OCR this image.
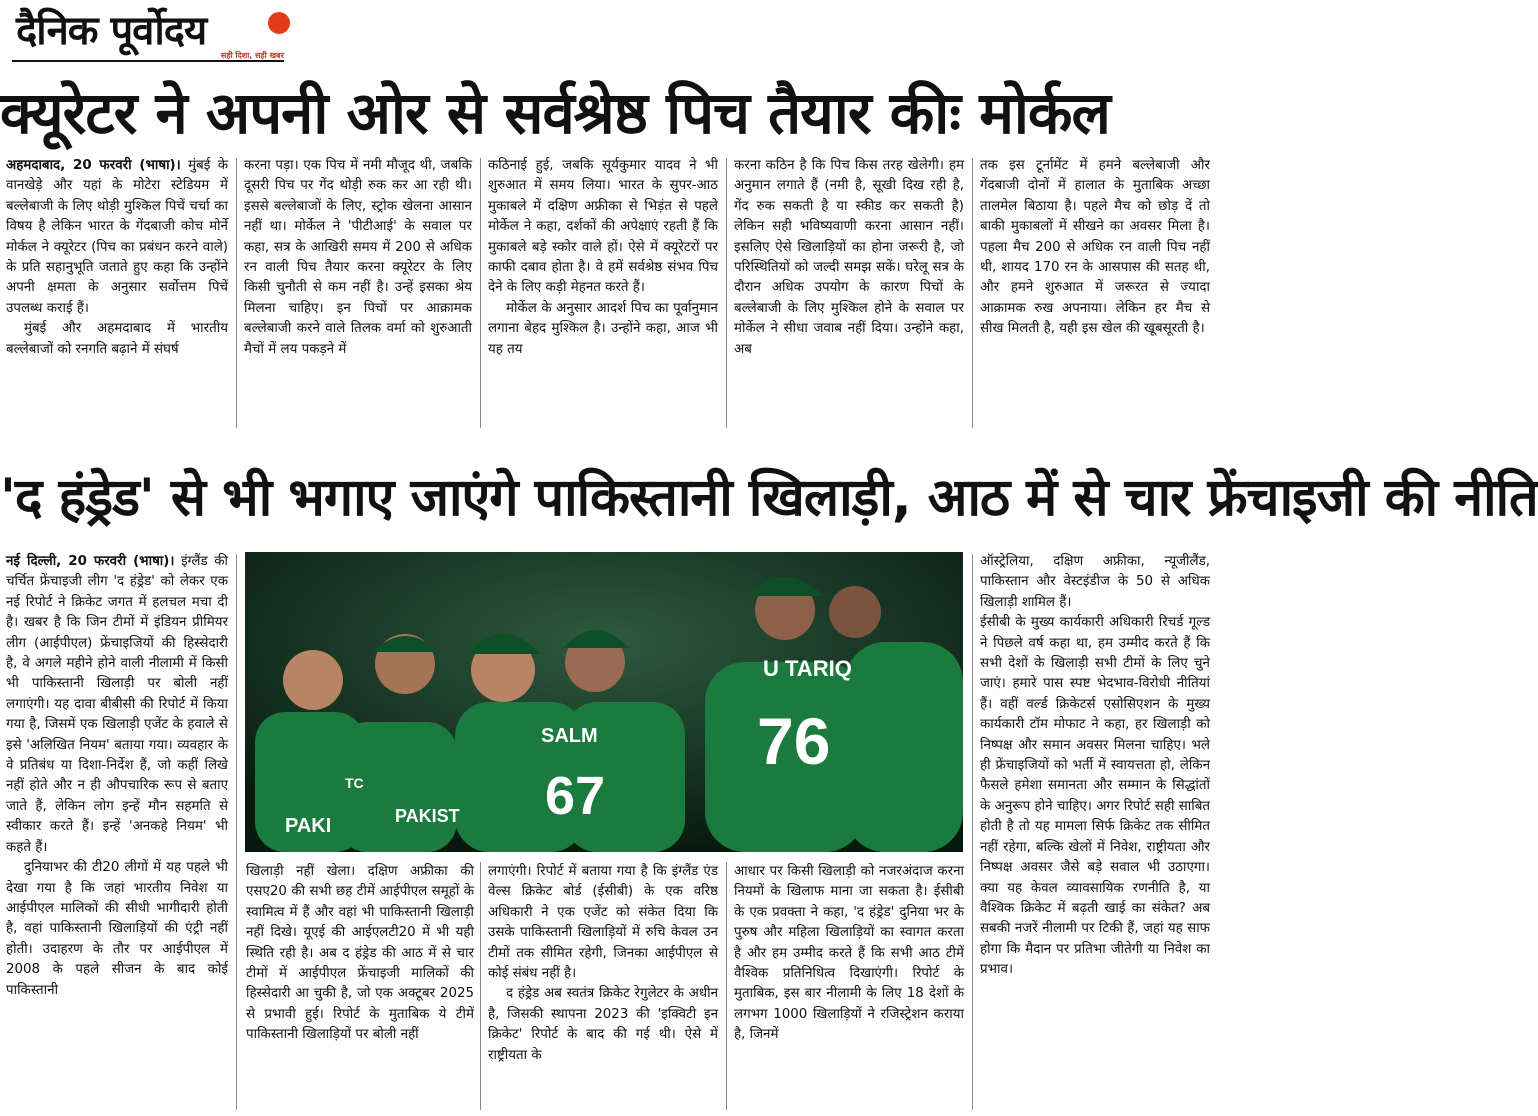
दैनिक पूर्वोदय
सही दिशा, सही खबर
क्यूरेटर ने अपनी ओर से सर्वश्रेष्ठ पिच तैयार कीः मोर्कल

अहमदाबाद, 20 फरवरी (भाषा)। मुंबई के वानखेड़े और यहां के मोटेरा स्टेडियम में बल्लेबाजी के लिए थोड़ी मुश्किल पिचें चर्चा का विषय है लेकिन भारत के गेंदबाजी कोच मोर्ने मोर्कल ने क्यूरेटर (पिच का प्रबंधन करने वाले) के प्रति सहानुभूति जताते हुए कहा कि उन्होंने अपनी क्षमता के अनुसार सर्वोत्तम पिचें उपलब्ध कराई हैं।

मुंबई और अहमदाबाद में भारतीय बल्लेबाजों को रनगति बढ़ाने में संघर्ष

करना पड़ा। एक पिच में नमी मौजूद थी, जबकि दूसरी पिच पर गेंद थोड़ी रुक कर आ रही थी। इससे बल्लेबाजों के लिए, स्ट्रोक खेलना आसान नहीं था। मोर्केल ने 'पीटीआई' के सवाल पर कहा, सत्र के आखिरी समय में 200 से अधिक रन वाली पिच तैयार करना क्यूरेटर के लिए किसी चुनौती से कम नहीं है। उन्हें इसका श्रेय मिलना चाहिए। इन पिचों पर आक्रामक बल्लेबाजी करने वाले तिलक वर्मा को शुरुआती मैचों में लय पकड़ने में

कठिनाई हुई, जबकि सूर्यकुमार यादव ने भी शुरुआत में समय लिया। भारत के सुपर-आठ मुकाबले में दक्षिण अफ्रीका से भिड़ंत से पहले मोर्केल ने कहा, दर्शकों की अपेक्षाएं रहती हैं कि मुकाबले बड़े स्कोर वाले हों। ऐसे में क्यूरेटरों पर काफी दबाव होता है। वे हमें सर्वश्रेष्ठ संभव पिच देने के लिए कड़ी मेहनत करते हैं।

मोर्केल के अनुसार आदर्श पिच का पूर्वानुमान लगाना बेहद मुश्किल है। उन्होंने कहा, आज भी यह तय

करना कठिन है कि पिच किस तरह खेलेगी। हम अनुमान लगाते हैं (नमी है, सूखी दिख रही है, गेंद रुक सकती है या स्कीड कर सकती है) लेकिन सही भविष्यवाणी करना आसान नहीं। इसलिए ऐसे खिलाड़ियों का होना जरूरी है, जो परिस्थितियों को जल्दी समझ सकें। घरेलू सत्र के दौरान अधिक उपयोग के कारण पिचों के बल्लेबाजी के लिए मुश्किल होने के सवाल पर मोर्केल ने सीधा जवाब नहीं दिया। उन्होंने कहा, अब

तक इस टूर्नामेंट में हमने बल्लेबाजी और गेंदबाजी दोनों में हालात के मुताबिक अच्छा तालमेल बिठाया है। पहले मैच को छोड़ दें तो बाकी मुकाबलों में सीखने का अवसर मिला है। पहला मैच 200 से अधिक रन वाली पिच नहीं थी, शायद 170 रन के आसपास की सतह थी, और हमने शुरुआत में जरूरत से ज्यादा आक्रामक रुख अपनाया। लेकिन हर मैच से सीख मिलती है, यही इस खेल की खूबसूरती है।

'द हंड्रेड' से भी भगाए जाएंगे पाकिस्तानी खिलाड़ी, आठ में से चार फ्रेंचाइजी की नीति

नई दिल्ली, 20 फरवरी (भाषा)। इंग्लैंड की चर्चित फ्रेंचाइजी लीग 'द हंड्रेड' को लेकर एक नई रिपोर्ट ने क्रिकेट जगत में हलचल मचा दी है। खबर है कि जिन टीमों में इंडियन प्रीमियर लीग (आईपीएल) फ्रेंचाइजियों की हिस्सेदारी है, वे अगले महीने होने वाली नीलामी में किसी भी पाकिस्तानी खिलाड़ी पर बोली नहीं लगाएंगी। यह दावा बीबीसी की रिपोर्ट में किया गया है, जिसमें एक खिलाड़ी एजेंट के हवाले से इसे 'अलिखित नियम' बताया गया। व्यवहार के वे प्रतिबंध या दिशा-निर्देश हैं, जो कहीं लिखे नहीं होते और न ही औपचारिक रूप से बताए जाते हैं, लेकिन लोग इन्हें मौन सहमति से स्वीकार करते हैं। इन्हें 'अनकहे नियम' भी कहते हैं।

दुनियाभर की टी20 लीगों में यह पहले भी देखा गया है कि जहां भारतीय निवेश या आईपीएल मालिकों की सीधी भागीदारी होती है, वहां पाकिस्तानी खिलाड़ियों की एंट्री नहीं होती। उदाहरण के तौर पर आईपीएल में 2008 के पहले सीजन के बाद कोई पाकिस्तानी

PAKI	PAKIST 67
76
U TARIQ
SALM
TC

खिलाड़ी नहीं खेला। दक्षिण अफ्रीका की एसए20 की सभी छह टीमें आईपीएल समूहों के स्वामित्व में हैं और वहां भी पाकिस्तानी खिलाड़ी नहीं दिखे। यूएई की आईएलटी20 में भी यही स्थिति रही है। अब द हंड्रेड की आठ में से चार टीमों में आईपीएल फ्रेंचाइजी मालिकों की हिस्सेदारी आ चुकी है, जो एक अक्टूबर 2025 से प्रभावी हुई। रिपोर्ट के मुताबिक ये टीमें पाकिस्तानी खिलाड़ियों पर बोली नहीं

लगाएंगी। रिपोर्ट में बताया गया है कि इंग्लैंड एंड वेल्स क्रिकेट बोर्ड (ईसीबी) के एक वरिष्ठ अधिकारी ने एक एजेंट को संकेत दिया कि उसके पाकिस्तानी खिलाड़ियों में रुचि केवल उन टीमों तक सीमित रहेगी, जिनका आईपीएल से कोई संबंध नहीं है।

द हंड्रेड अब स्वतंत्र क्रिकेट रेगुलेटर के अधीन है, जिसकी स्थापना 2023 की 'इक्विटी इन क्रिकेट' रिपोर्ट के बाद की गई थी। ऐसे में राष्ट्रीयता के

आधार पर किसी खिलाड़ी को नजरअंदाज करना नियमों के खिलाफ माना जा सकता है। ईसीबी के एक प्रवक्ता ने कहा, 'द हंड्रेड' दुनिया भर के पुरुष और महिला खिलाड़ियों का स्वागत करता है और हम उम्मीद करते हैं कि सभी आठ टीमें वैश्विक प्रतिनिधित्व दिखाएंगी। रिपोर्ट के मुताबिक, इस बार नीलामी के लिए 18 देशों के लगभग 1000 खिलाड़ियों ने रजिस्ट्रेशन कराया है, जिनमें

ऑस्ट्रेलिया, दक्षिण अफ्रीका, न्यूजीलैंड, पाकिस्तान और वेस्टइंडीज के 50 से अधिक खिलाड़ी शामिल हैं।

ईसीबी के मुख्य कार्यकारी अधिकारी रिचर्ड गूल्ड ने पिछले वर्ष कहा था, हम उम्मीद करते हैं कि सभी देशों के खिलाड़ी सभी टीमों के लिए चुने जाएं। हमारे पास स्पष्ट भेदभाव-विरोधी नीतियां हैं। वहीं वर्ल्ड क्रिकेटर्स एसोसिएशन के मुख्य कार्यकारी टॉम मोफाट ने कहा, हर खिलाड़ी को निष्पक्ष और समान अवसर मिलना चाहिए। भले ही फ्रेंचाइजियों को भर्ती में स्वायत्तता हो, लेकिन फैसले हमेशा समानता और सम्मान के सिद्धांतों के अनुरूप होने चाहिए। अगर रिपोर्ट सही साबित होती है तो यह मामला सिर्फ क्रिकेट तक सीमित नहीं रहेगा, बल्कि खेलों में निवेश, राष्ट्रीयता और निष्पक्ष अवसर जैसे बड़े सवाल भी उठाएगा। क्या यह केवल व्यावसायिक रणनीति है, या वैश्विक क्रिकेट में बढ़ती खाई का संकेत? अब सबकी नजरें नीलामी पर टिकी हैं, जहां यह साफ होगा कि मैदान पर प्रतिभा जीतेगी या निवेश का प्रभाव।
